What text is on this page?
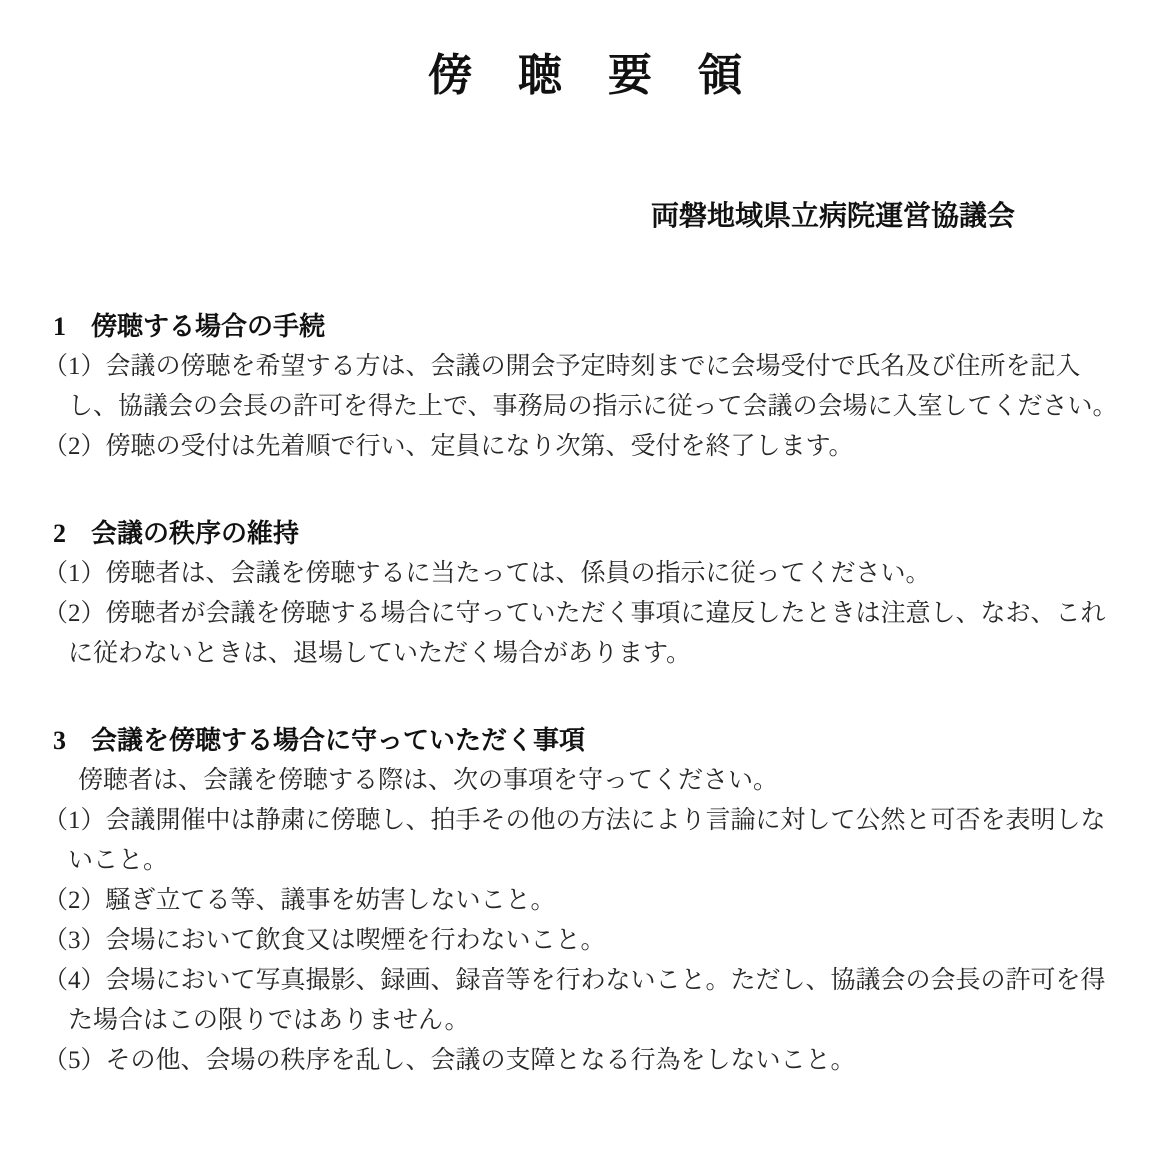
傍　聴　要　領
両磐地域県立病院運営協議会
1 傍聴する場合の手続

（1）会議の傍聴を希望する方は、会議の開会予定時刻までに会場受付で氏名及び住所を記入し、協議会の会長の許可を得た上で、事務局の指示に従って会議の会場に入室してください。

（2）傍聴の受付は先着順で行い、定員になり次第、受付を終了します。

2 会議の秩序の維持

（1）傍聴者は、会議を傍聴するに当たっては、係員の指示に従ってください。

（2）傍聴者が会議を傍聴する場合に守っていただく事項に違反したときは注意し、なお、これに従わないときは、退場していただく場合があります。

3 会議を傍聴する場合に守っていただく事項

傍聴者は、会議を傍聴する際は、次の事項を守ってください。

（1）会議開催中は静粛に傍聴し、拍手その他の方法により言論に対して公然と可否を表明しないこと。

（2）騒ぎ立てる等、議事を妨害しないこと。

（3）会場において飲食又は喫煙を行わないこと。

（4）会場において写真撮影、録画、録音等を行わないこと。ただし、協議会の会長の許可を得た場合はこの限りではありません。

（5）その他、会場の秩序を乱し、会議の支障となる行為をしないこと。
